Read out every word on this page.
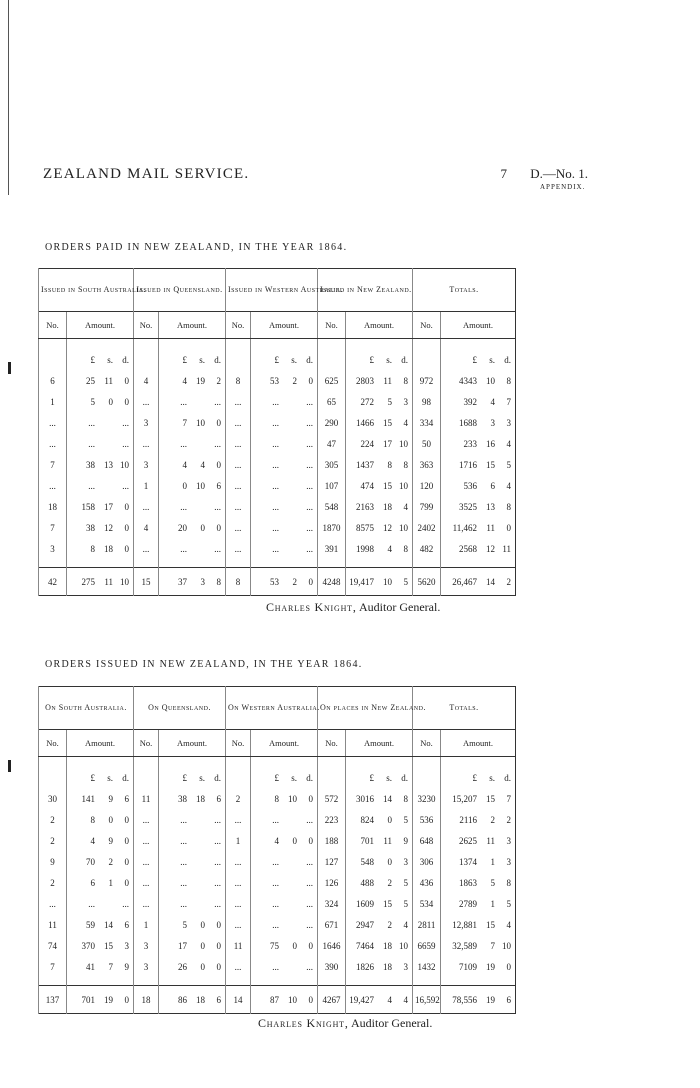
ZEALAND MAIL SERVICE.	7 D.—No. 1.
APPENDIX.
ORDERS PAID IN NEW ZEALAND, IN THE YEAR 1864.
Issued in South Australia.		Issued in Queensland.		Issued in Western Australia.		Issued in New Zealand.		Totals.	
No.	Amount.	No.	Amount.	No.	Amount.	No.	Amount.	No.	Amount.

	£ s. d.		£ s. d.		£ s. d.		£ s. d.		£ s. d.

6	25 11 0	4	4 19 2	8	53 2 0	625	2803 11 8	972	4343 10 8

1	5 0 0	...	... ...	...	... ...	65	272 5 3	98	392 4 7

...	... ...	3	7 10 0	...	... ...	290	1466 15 4	334	1688 3 3

...	... ...	...	... ...	...	... ...	47	224 17 10	50	233 16 4

7	38 13 10	3	4 4 0	...	... ...	305	1437 8 8	363	1716 15 5

...	... ...	1	0 10 6	...	... ...	107	474 15 10	120	536 6 4

18	158 17 0	...	... ...	...	... ...	548	2163 18 4	799	3525 13 8

7	38 12 0	4	20 0 0	...	... ...	1870	8575 12 10	2402	11,462 11 0

3	8 18 0	...	... ...	...	... ...	391	1998 4 8	482	2568 12 11

42	275 11 10	15	37 3 8	8	53 2 0	4248	19,417 10 5	5620	26,467 14 2
Charles Knight, Auditor General.
ORDERS ISSUED IN NEW ZEALAND, IN THE YEAR 1864.
On South Australia.		On Queensland.		On Western Australia.		On places in New Zealand.		Totals.	
No.	Amount.	No.	Amount.	No.	Amount.	No.	Amount.	No.	Amount.

	£ s. d.		£ s. d.		£ s. d.		£ s. d.		£ s. d.

30	141 9 6	11	38 18 6	2	8 10 0	572	3016 14 8	3230	15,207 15 7

2	8 0 0	...	... ...	...	... ...	223	824 0 5	536	2116 2 2

2	4 9 0	...	... ...	1	4 0 0	188	701 11 9	648	2625 11 3

9	70 2 0	...	... ...	...	... ...	127	548 0 3	306	1374 1 3

2	6 1 0	...	... ...	...	... ...	126	488 2 5	436	1863 5 8

...	... ...	...	... ...	...	... ...	324	1609 15 5	534	2789 1 5

11	59 14 6	1	5 0 0	...	... ...	671	2947 2 4	2811	12,881 15 4

74	370 15 3	3	17 0 0	11	75 0 0	1646	7464 18 10	6659	32,589 7 10

7	41 7 9	3	26 0 0	...	... ...	390	1826 18 3	1432	7109 19 0

137	701 19 0	18	86 18 6	14	87 10 0	4267	19,427 4 4	16,592	78,556 19 6
Charles Knight, Auditor General.
